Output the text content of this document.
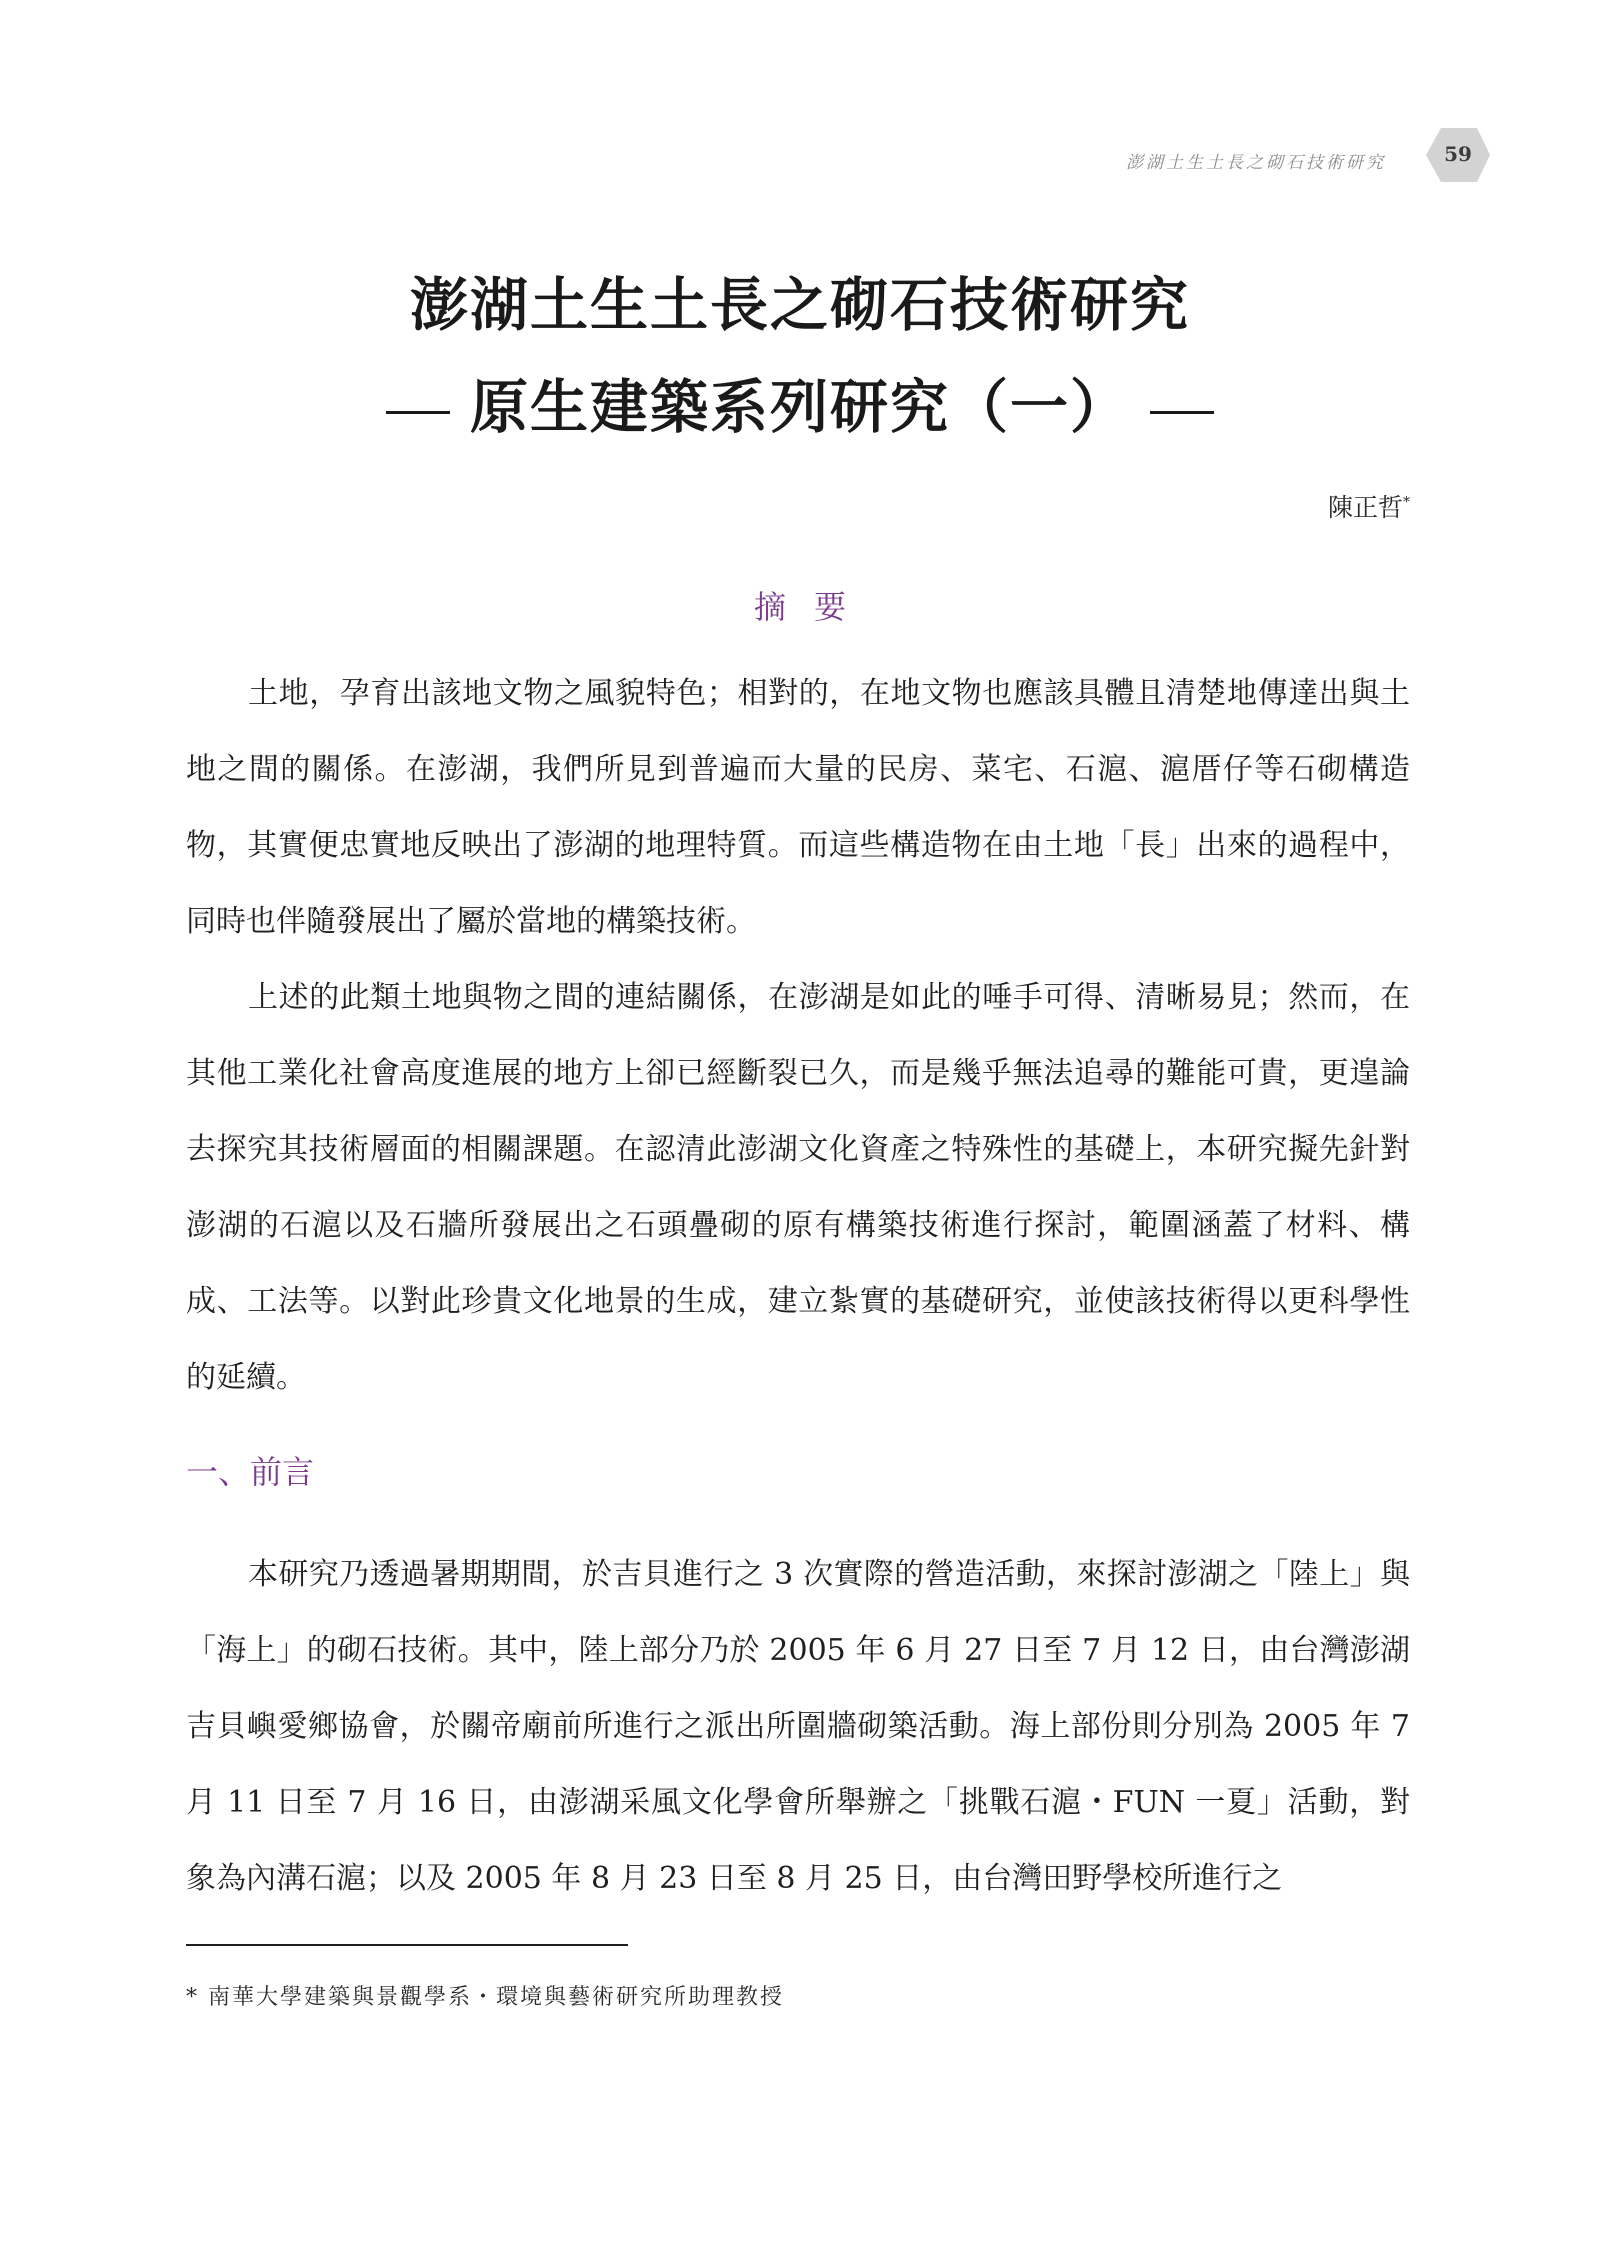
澎湖土生土長之砌石技術研究	59
澎湖土生土長之砌石技術研究
原生建築系列研究（一）
陳正哲*
摘要

土地，孕育出該地文物之風貌特色；相對的，在地文物也應該具體且清楚地傳達出與土地之間的關係。在澎湖，我們所見到普遍而大量的民房、菜宅、石滬、滬厝仔等石砌構造物，其實便忠實地反映出了澎湖的地理特質。而這些構造物在由土地「長」出來的過程中，同時也伴隨發展出了屬於當地的構築技術。

上述的此類土地與物之間的連結關係，在澎湖是如此的唾手可得、清晰易見；然而，在其他工業化社會高度進展的地方上卻已經斷裂已久，而是幾乎無法追尋的難能可貴，更遑論去探究其技術層面的相關課題。在認清此澎湖文化資產之特殊性的基礎上，本研究擬先針對澎湖的石滬以及石牆所發展出之石頭疊砌的原有構築技術進行探討，範圍涵蓋了材料、構成、工法等。以對此珍貴文化地景的生成，建立紮實的基礎研究，並使該技術得以更科學性的延續。

一、前言

本研究乃透過暑期期間，於吉貝進行之 3 次實際的營造活動，來探討澎湖之「陸上」與「海上」的砌石技術。其中，陸上部分乃於 2005 年 6 月 27 日至 7 月 12 日，由台灣澎湖吉貝嶼愛鄉協會，於關帝廟前所進行之派出所圍牆砌築活動。海上部份則分別為 2005 年 7 月 11 日至 7 月 16 日，由澎湖采風文化學會所舉辦之「挑戰石滬・FUN 一夏」活動，對象為內溝石滬；以及 2005 年 8 月 23 日至 8 月 25 日，由台灣田野學校所進行之

* 南華大學建築與景觀學系・環境與藝術研究所助理教授
